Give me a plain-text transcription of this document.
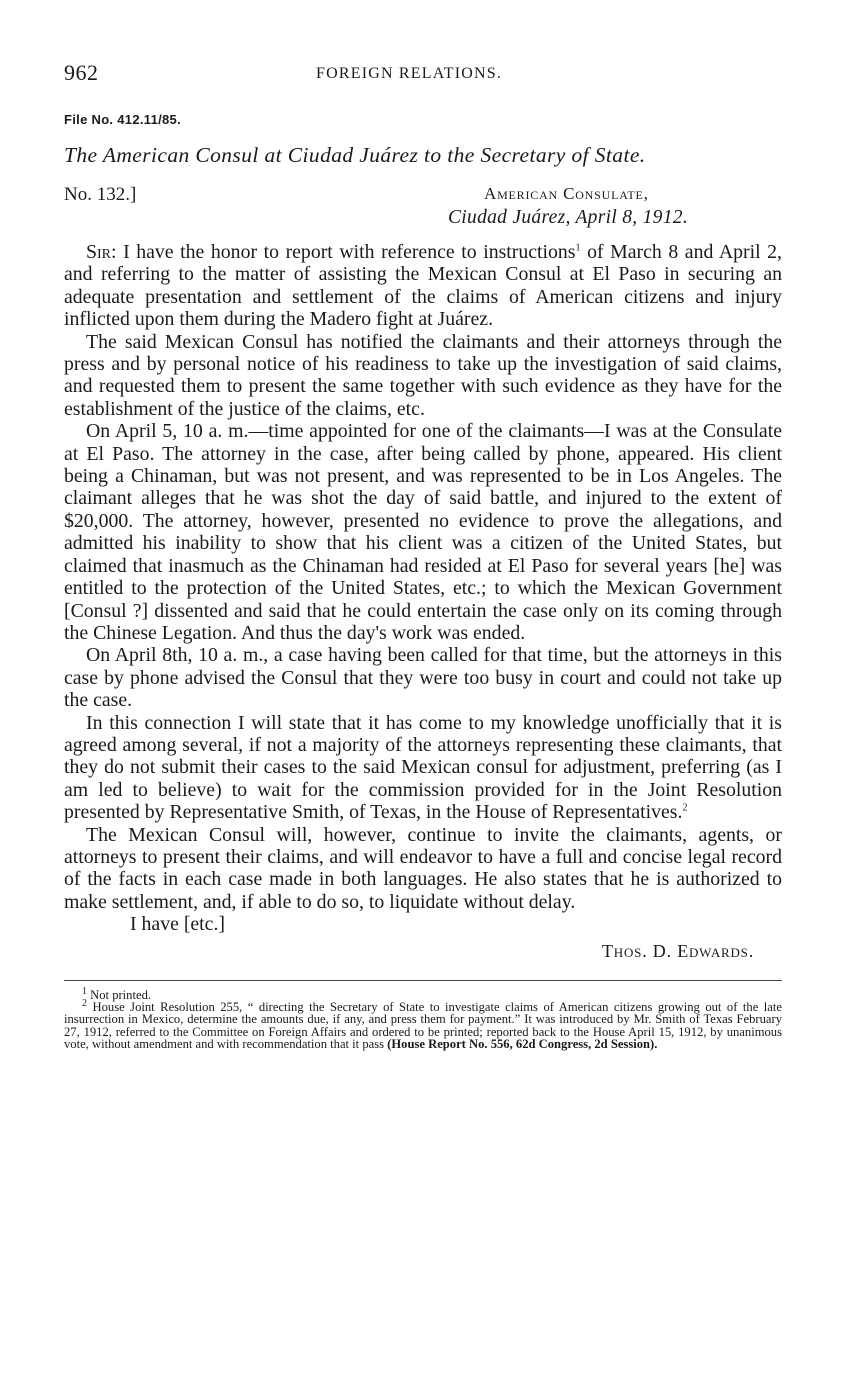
962	FOREIGN RELATIONS.
File No. 412.11/85.
The American Consul at Ciudad Juárez to the Secretary of State.
No. 132.]	American Consulate,
Ciudad Juárez, April 8, 1912.

Sir: I have the honor to report with reference to instructions$^1$ of March 8 and April 2, and referring to the matter of assisting the Mexican Consul at El Paso in securing an adequate presentation and settlement of the claims of American citizens and injury inflicted upon them during the Madero fight at Juárez.

The said Mexican Consul has notified the claimants and their attorneys through the press and by personal notice of his readiness to take up the investigation of said claims, and requested them to present the same together with such evidence as they have for the establishment of the justice of the claims, etc.

On April 5, 10 a. m.—time appointed for one of the claimants—I was at the Consulate at El Paso. The attorney in the case, after being called by phone, appeared. His client being a Chinaman, but was not present, and was represented to be in Los Angeles. The claimant alleges that he was shot the day of said battle, and injured to the extent of $20,000. The attorney, however, presented no evidence to prove the allegations, and admitted his inability to show that his client was a citizen of the United States, but claimed that inasmuch as the Chinaman had resided at El Paso for several years [he] was entitled to the protection of the United States, etc.; to which the Mexican Government [Consul ?] dissented and said that he could entertain the case only on its coming through the Chinese Legation. And thus the day's work was ended.

On April 8th, 10 a. m., a case having been called for that time, but the attorneys in this case by phone advised the Consul that they were too busy in court and could not take up the case.

In this connection I will state that it has come to my knowledge unofficially that it is agreed among several, if not a majority of the attorneys representing these claimants, that they do not submit their cases to the said Mexican consul for adjustment, preferring (as I am led to believe) to wait for the commission provided for in the Joint Resolution presented by Representative Smith, of Texas, in the House of Representatives.$^2$

The Mexican Consul will, however, continue to invite the claimants, agents, or attorneys to present their claims, and will endeavor to have a full and concise legal record of the facts in each case made in both languages. He also states that he is authorized to make settlement, and, if able to do so, to liquidate without delay.

I have [etc.]
Thos. D. Edwards.

$^1$ Not printed.

$^2$ House Joint Resolution 255, “ directing the Secretary of State to investigate claims of American citizens growing out of the late insurrection in Mexico, determine the amounts due, if any, and press them for payment.” It was introduced by Mr. Smith of Texas February 27, 1912, referred to the Committee on Foreign Affairs and ordered to be printed; reported back to the House April 15, 1912, by unanimous vote, without amendment and with recommendation that it pass (House Report No. 556, 62d Congress, 2d Session).
